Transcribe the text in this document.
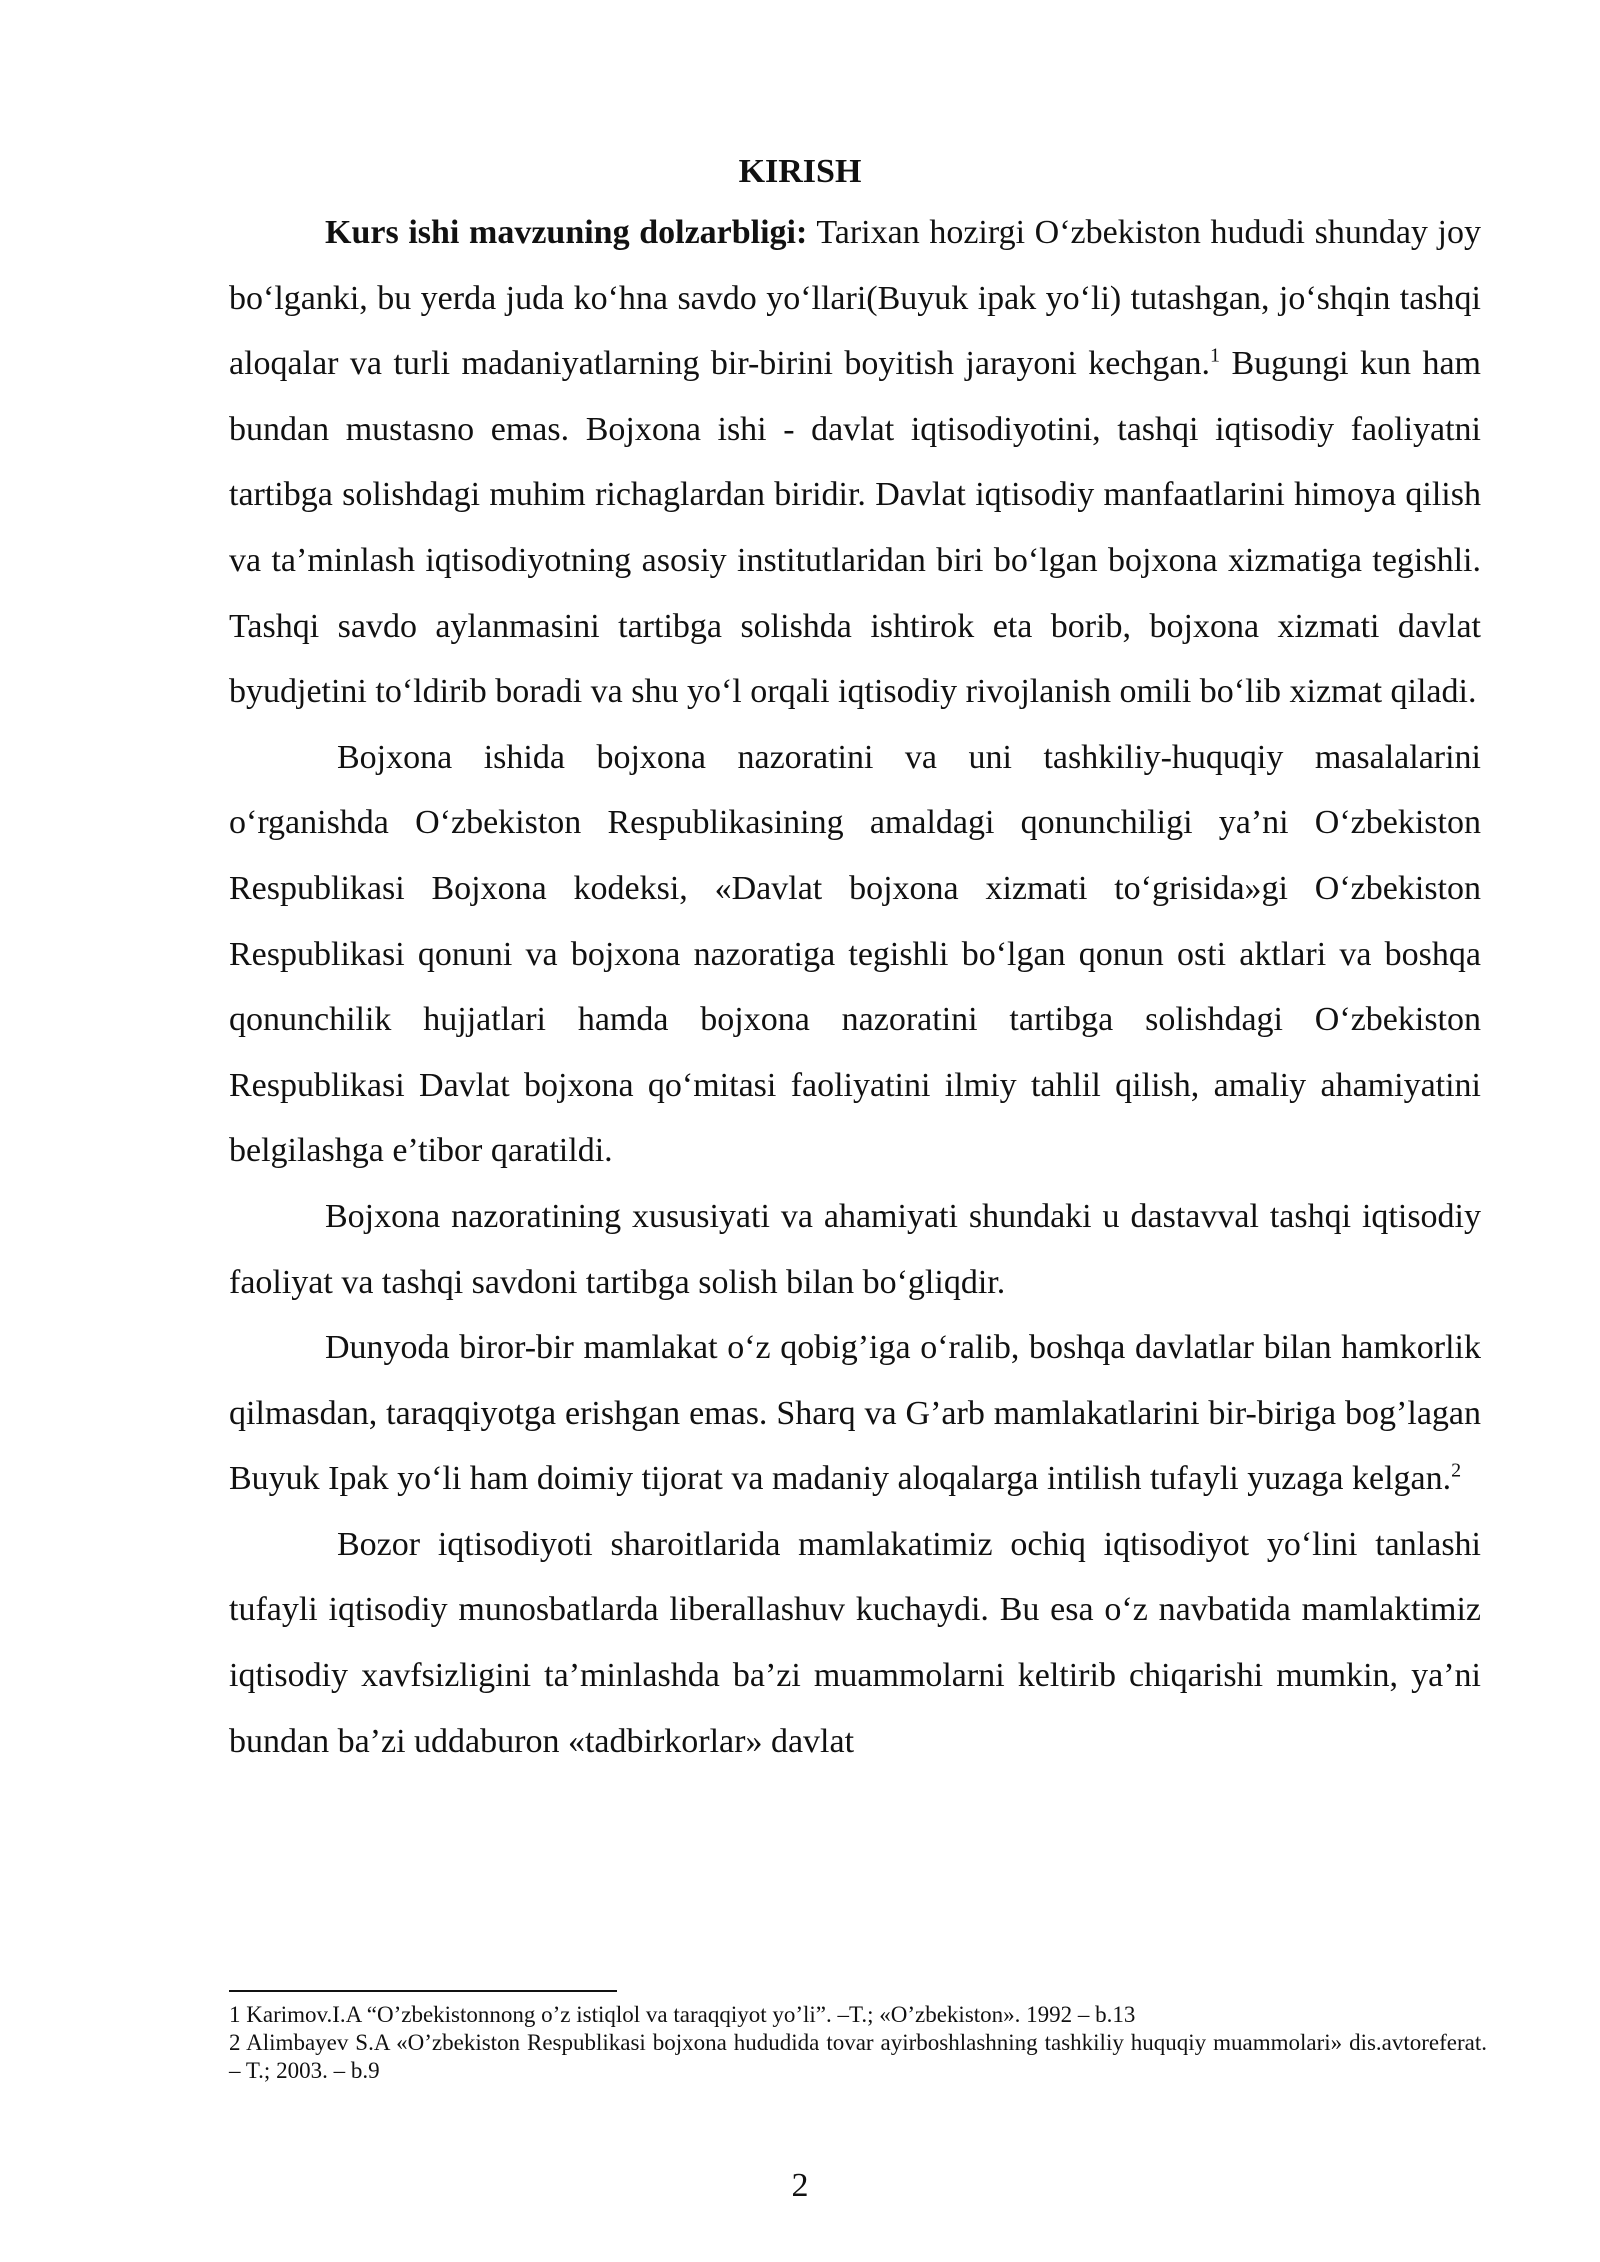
KIRISH

Kurs ishi mavzuning dolzarbligi: Tarixan hozirgi O‘zbekiston hududi shunday joy bo‘lganki, bu yerda juda ko‘hna savdo yo‘llari(Buyuk ipak yo‘li) tutashgan, jo‘shqin tashqi aloqalar va turli madaniyatlarning bir-birini boyitish jarayoni kechgan.$^1$ Bugungi kun ham bundan mustasno emas. Bojxona ishi - davlat iqtisodiyotini, tashqi iqtisodiy faoliyatni tartibga solishdagi muhim richaglardan biridir. Davlat iqtisodiy manfaatlarini himoya qilish va ta’minlash iqtisodiyotning asosiy institutlaridan biri bo‘lgan bojxona xizmatiga tegishli. Tashqi savdo aylanmasini tartibga solishda ishtirok eta borib, bojxona xizmati davlat byudjetini to‘ldirib boradi va shu yo‘l orqali iqtisodiy rivojlanish omili bo‘lib xizmat qiladi.

Bojxona ishida bojxona nazoratini va uni tashkiliy-huquqiy masalalarini o‘rganishda O‘zbekiston Respublikasining amaldagi qonunchiligi ya’ni O‘zbekiston Respublikasi Bojxona kodeksi, «Davlat bojxona xizmati to‘grisida»gi O‘zbekiston Respublikasi qonuni va bojxona nazoratiga tegishli bo‘lgan qonun osti aktlari va boshqa qonunchilik hujjatlari hamda bojxona nazoratini tartibga solishdagi O‘zbekiston Respublikasi Davlat bojxona qo‘mitasi faoliyatini ilmiy tahlil qilish, amaliy ahamiyatini belgilashga e’tibor qaratildi.

Bojxona nazoratining xususiyati va ahamiyati shundaki u dastavval tashqi iqtisodiy faoliyat va tashqi savdoni tartibga solish bilan bo‘gliqdir.

Dunyoda biror-bir mamlakat o‘z qobig’iga o‘ralib, boshqa davlatlar bilan hamkorlik qilmasdan, taraqqiyotga erishgan emas. Sharq va G’arb mamlakatlarini bir-biriga bog’lagan Buyuk Ipak yo‘li ham doimiy tijorat va madaniy aloqalarga intilish tufayli yuzaga kelgan.$^2$

Bozor iqtisodiyoti sharoitlarida mamlakatimiz ochiq iqtisodiyot yo‘lini tanlashi tufayli iqtisodiy munosbatlarda liberallashuv kuchaydi. Bu esa o‘z navbatida mamlaktimiz iqtisodiy xavfsizligini ta’minlashda ba’zi muammolarni keltirib chiqarishi mumkin, ya’ni bundan ba’zi uddaburon «tadbirkorlar» davlat

1 Karimov.I.A “O’zbekistonnong o’z istiqlol va taraqqiyot yo’li”. –T.; «O’zbekiston». 1992 – b.13

2 Alimbayev S.A «O’zbekiston Respublikasi bojxona hududida tovar ayirboshlashning tashkiliy huquqiy muammolari» dis.avtoreferat. – T.; 2003. – b.9

2
